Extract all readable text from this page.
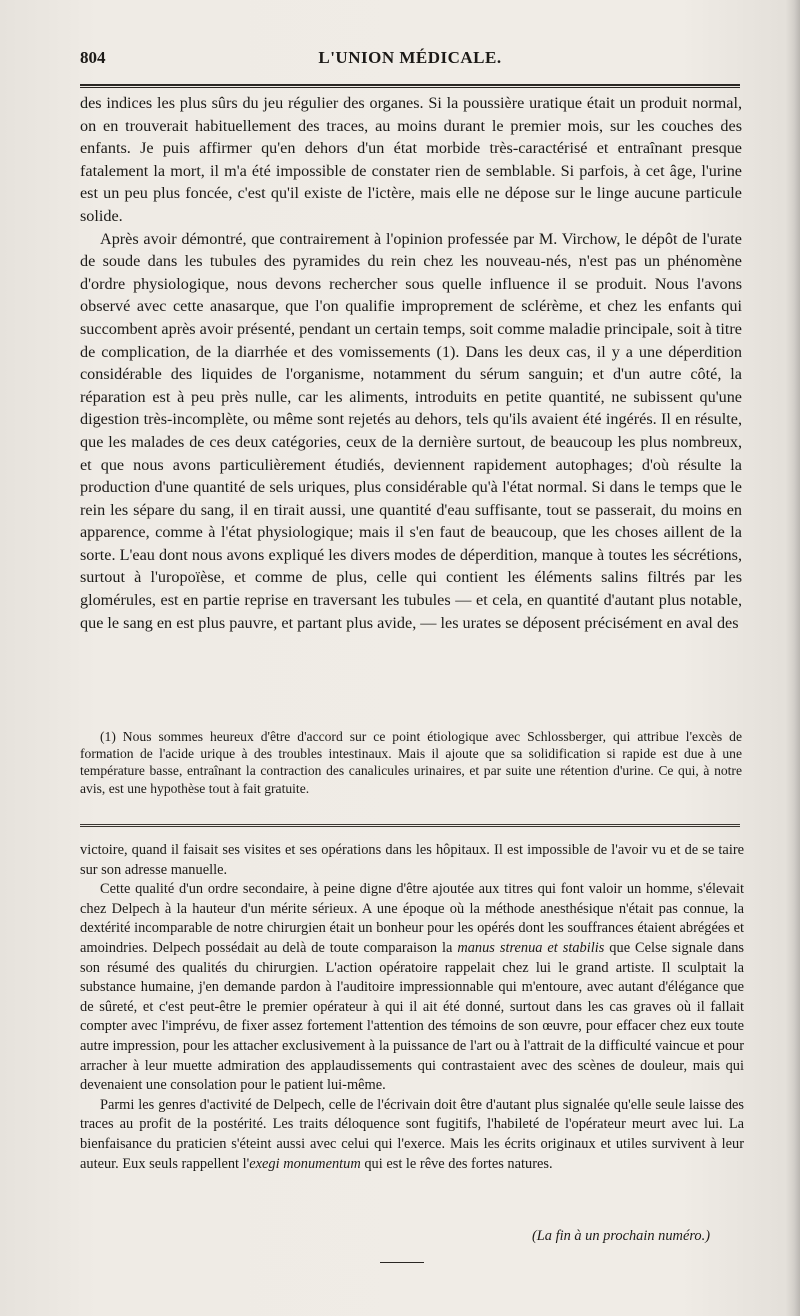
804	L'UNION MÉDICALE.

des indices les plus sûrs du jeu régulier des organes. Si la poussière uratique était un produit normal, on en trouverait habituellement des traces, au moins durant le premier mois, sur les couches des enfants. Je puis affirmer qu'en dehors d'un état morbide très-caractérisé et entraînant presque fatalement la mort, il m'a été impossible de constater rien de semblable. Si parfois, à cet âge, l'urine est un peu plus foncée, c'est qu'il existe de l'ictère, mais elle ne dépose sur le linge aucune particule solide.

Après avoir démontré, que contrairement à l'opinion professée par M. Virchow, le dépôt de l'urate de soude dans les tubules des pyramides du rein chez les nouveau-nés, n'est pas un phénomène d'ordre physiologique, nous devons rechercher sous quelle influence il se produit. Nous l'avons observé avec cette anasarque, que l'on qualifie improprement de sclérème, et chez les enfants qui succombent après avoir présenté, pendant un certain temps, soit comme maladie principale, soit à titre de complication, de la diarrhée et des vomissements (1). Dans les deux cas, il y a une déperdition considérable des liquides de l'organisme, notamment du sérum sanguin; et d'un autre côté, la réparation est à peu près nulle, car les aliments, introduits en petite quantité, ne subissent qu'une digestion très-incomplète, ou même sont rejetés au dehors, tels qu'ils avaient été ingérés. Il en résulte, que les malades de ces deux catégories, ceux de la dernière surtout, de beaucoup les plus nombreux, et que nous avons particulièrement étudiés, deviennent rapidement autophages; d'où résulte la production d'une quantité de sels uriques, plus considérable qu'à l'état normal. Si dans le temps que le rein les sépare du sang, il en tirait aussi, une quantité d'eau suffisante, tout se passerait, du moins en apparence, comme à l'état physiologique; mais il s'en faut de beaucoup, que les choses aillent de la sorte. L'eau dont nous avons expliqué les divers modes de déperdition, manque à toutes les sécrétions, surtout à l'uropoïèse, et comme de plus, celle qui contient les éléments salins filtrés par les glomérules, est en partie reprise en traversant les tubules — et cela, en quantité d'autant plus notable, que le sang en est plus pauvre, et partant plus avide, — les urates se déposent précisément en aval des

(1) Nous sommes heureux d'être d'accord sur ce point étiologique avec Schlossberger, qui attribue l'excès de formation de l'acide urique à des troubles intestinaux. Mais il ajoute que sa solidification si rapide est due à une température basse, entraînant la contraction des canalicules urinaires, et par suite une rétention d'urine. Ce qui, à notre avis, est une hypothèse tout à fait gratuite.

victoire, quand il faisait ses visites et ses opérations dans les hôpitaux. Il est impossible de l'avoir vu et de se taire sur son adresse manuelle.

Cette qualité d'un ordre secondaire, à peine digne d'être ajoutée aux titres qui font valoir un homme, s'élevait chez Delpech à la hauteur d'un mérite sérieux. A une époque où la méthode anesthésique n'était pas connue, la dextérité incomparable de notre chirurgien était un bonheur pour les opérés dont les souffrances étaient abrégées et amoindries. Delpech possédait au delà de toute comparaison la manus strenua et stabilis que Celse signale dans son résumé des qualités du chirurgien. L'action opératoire rappelait chez lui le grand artiste. Il sculptait la substance humaine, j'en demande pardon à l'auditoire impressionnable qui m'entoure, avec autant d'élégance que de sûreté, et c'est peut-être le premier opérateur à qui il ait été donné, surtout dans les cas graves où il fallait compter avec l'imprévu, de fixer assez fortement l'attention des témoins de son œuvre, pour effacer chez eux toute autre impression, pour les attacher exclusivement à la puissance de l'art ou à l'attrait de la difficulté vaincue et pour arracher à leur muette admiration des applaudissements qui contrastaient avec des scènes de douleur, mais qui devenaient une consolation pour le patient lui-même.

Parmi les genres d'activité de Delpech, celle de l'écrivain doit être d'autant plus signalée qu'elle seule laisse des traces au profit de la postérité. Les traits déloquence sont fugitifs, l'habileté de l'opérateur meurt avec lui. La bienfaisance du praticien s'éteint aussi avec celui qui l'exerce. Mais les écrits originaux et utiles survivent à leur auteur. Eux seuls rappellent l'exegi monumentum qui est le rêve des fortes natures.

(La fin à un prochain numéro.)
